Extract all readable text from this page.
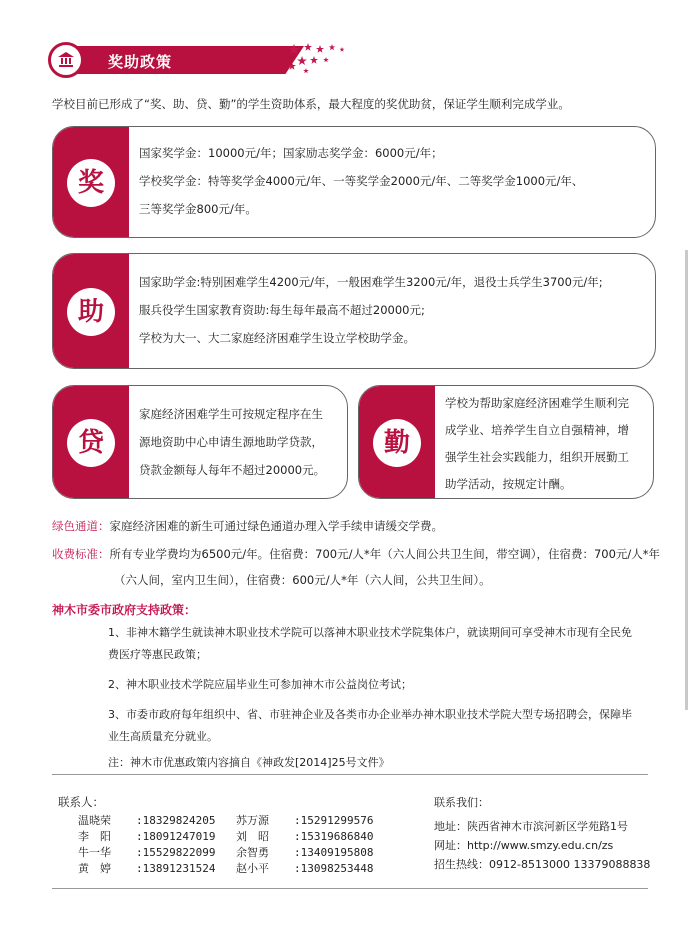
奖助政策
学校目前已形成了“奖、助、贷、勤”的学生资助体系，最大程度的奖优助贫，保证学生顺利完成学业。
奖
国家奖学金：10000元/年；国家励志奖学金：6000元/年；
学校奖学金：特等奖学金4000元/年、一等奖学金2000元/年、二等奖学金1000元/年、
三等奖学金800元/年。
助
国家助学金:特别困难学生4200元/年，一般困难学生3200元/年，退役士兵学生3700元/年;
服兵役学生国家教育资助:每生每年最高不超过20000元;
学校为大一、大二家庭经济困难学生设立学校助学金。
贷
家庭经济困难学生可按规定程序在生
源地资助中心申请生源地助学贷款，
贷款金额每人每年不超过20000元。
勤
学校为帮助家庭经济困难学生顺利完
成学业、培养学生自立自强精神，增
强学生社会实践能力，组织开展勤工
助学活动，按规定计酬。
绿色通道：家庭经济困难的新生可通过绿色通道办理入学手续申请缓交学费。
收费标准：所有专业学费均为6500元/年。住宿费：700元/人*年（六人间公共卫生间，带空调），住宿费：700元/人*年
（六人间，室内卫生间），住宿费：600元/人*年（六人间，公共卫生间）。
神木市委市政府支持政策：
1、非神木籍学生就读神木职业技术学院可以落神木职业技术学院集体户，就读期间可享受神木市现有全民免
费医疗等惠民政策；
2、神木职业技术学院应届毕业生可参加神木市公益岗位考试；
3、市委市政府每年组织中、省、市驻神企业及各类市办企业举办神木职业技术学院大型专场招聘会，保障毕
业生高质量充分就业。
注：神木市优惠政策内容摘自《神政发[2014]25号文件》
联系人：
温晓荣 :18329824205
李　阳 :18091247019
牛一华 :15529822099
黄　婷 :13891231524
苏万源 :15291299576
刘　昭 :15319686840
余智勇 :13409195808
赵小平 :13098253448
联系我们：
地址：陕西省神木市滨河新区学苑路1号
网址：http://www.smzy.edu.cn/zs
招生热线：0912-8513000 13379088838
